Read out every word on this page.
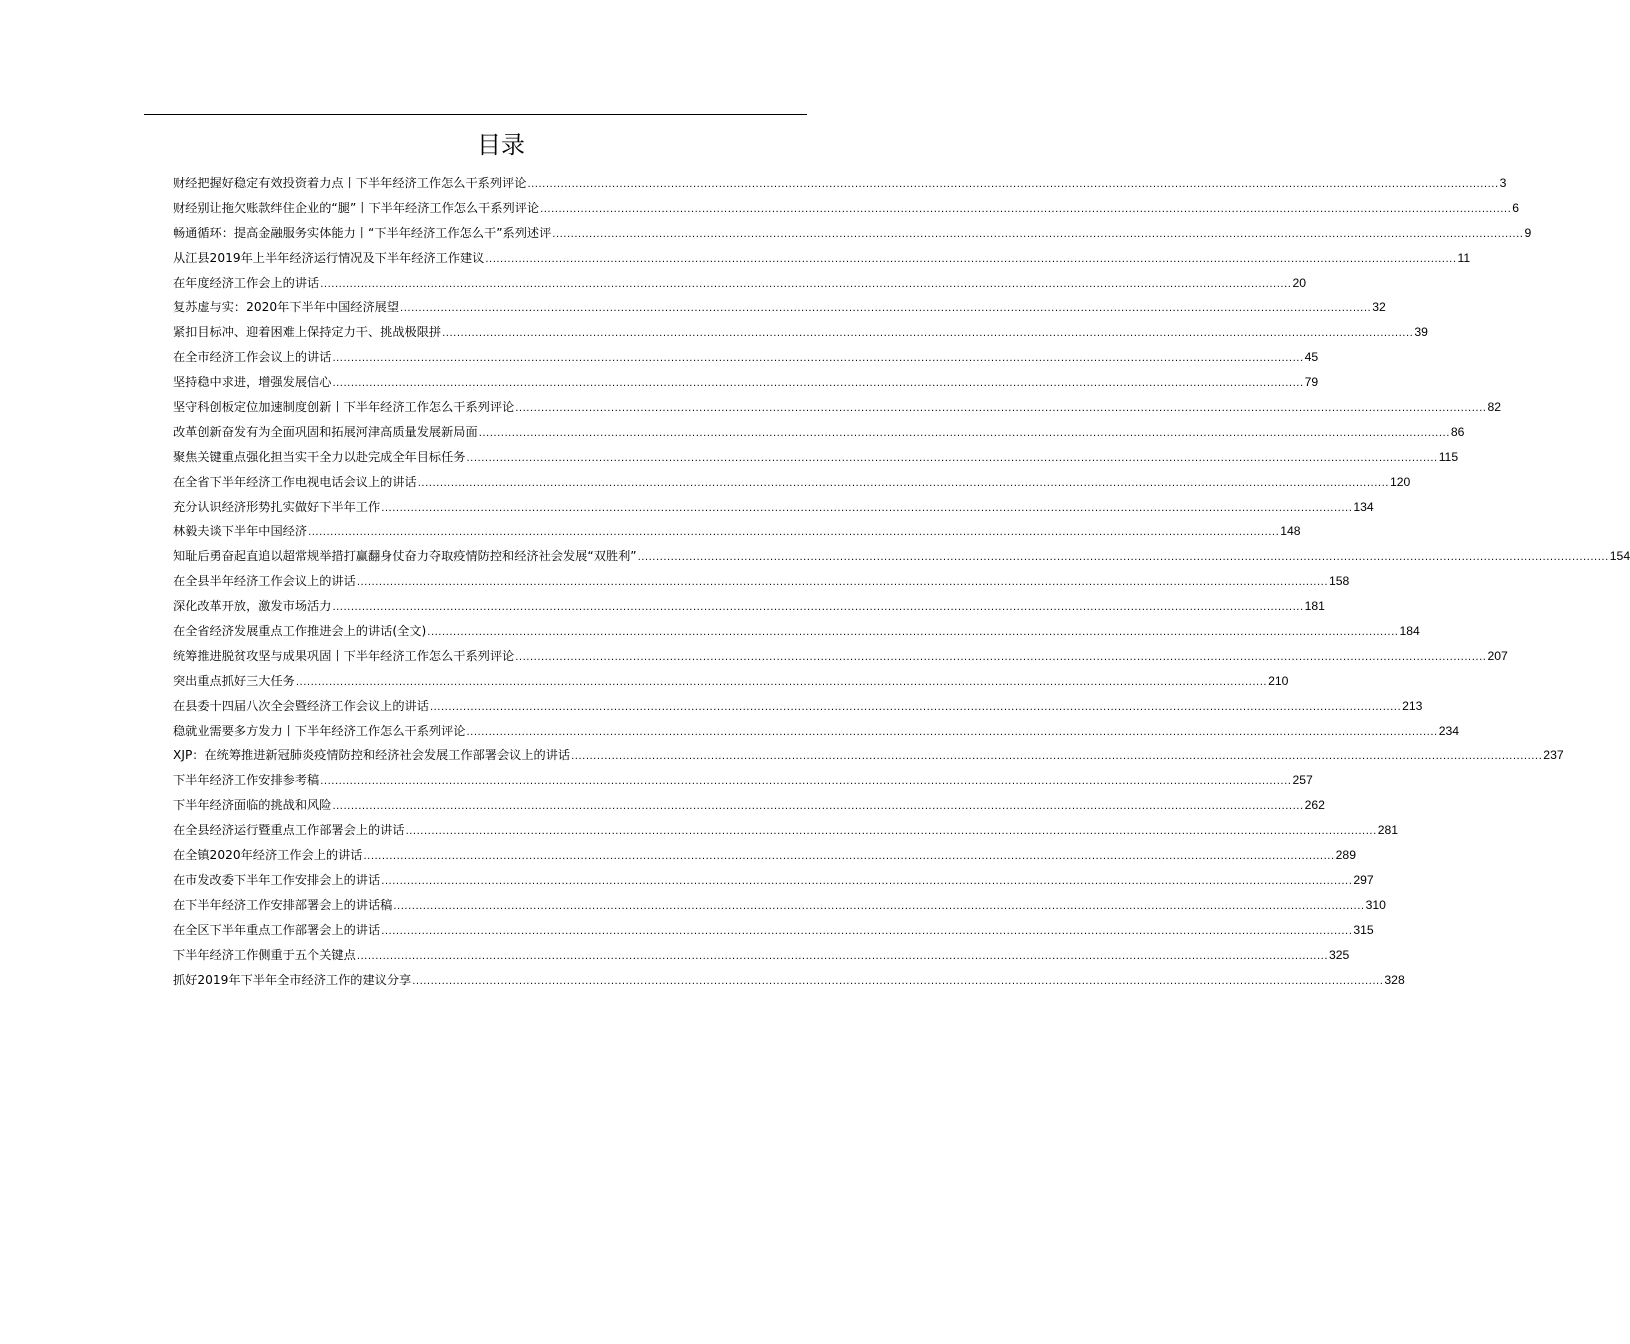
目录
财经把握好稳定有效投资着力点丨下半年经济工作怎么干系列评论 .....	3
财经别让拖欠账款绊住企业的“腿”丨下半年经济工作怎么干系列评论 .....	6
畅通循环：提高金融服务实体能力丨“下半年经济工作怎么干”系列述评 .....	9
从江县2019年上半年经济运行情况及下半年经济工作建议 .....	11
在年度经济工作会上的讲话 .....	20
复苏虚与实：2020年下半年中国经济展望 .....	32
紧扣目标冲、迎着困难上保持定力干、挑战极限拼 .....	39
在全市经济工作会议上的讲话 .....	45
坚持稳中求进，增强发展信心 .....	79
坚守科创板定位加速制度创新丨下半年经济工作怎么干系列评论 .....	82
改革创新奋发有为全面巩固和拓展河津高质量发展新局面 .....	86
聚焦关键重点强化担当实干全力以赴完成全年目标任务 .....	115
在全省下半年经济工作电视电话会议上的讲话 .....	120
充分认识经济形势扎实做好下半年工作 .....	134
林毅夫谈下半年中国经济 .....	148
知耻后勇奋起直追以超常规举措打赢翻身仗奋力夺取疫情防控和经济社会发展“双胜利” .....	154
在全县半年经济工作会议上的讲话 .....	158
深化改革开放，激发市场活力 .....	181
在全省经济发展重点工作推进会上的讲话(全文) .....	184
统筹推进脱贫攻坚与成果巩固丨下半年经济工作怎么干系列评论 .....	207
突出重点抓好三大任务 .....	210
在县委十四届八次全会暨经济工作会议上的讲话 .....	213
稳就业需要多方发力丨下半年经济工作怎么干系列评论 .....	234
XJP：在统筹推进新冠肺炎疫情防控和经济社会发展工作部署会议上的讲话 .....	237
下半年经济工作安排参考稿 .....	257
下半年经济面临的挑战和风险 .....	262
在全县经济运行暨重点工作部署会上的讲话 .....	281
在全镇2020年经济工作会上的讲话 .....	289
在市发改委下半年工作安排会上的讲话 .....	297
在下半年经济工作安排部署会上的讲话稿 .....	310
在全区下半年重点工作部署会上的讲话 .....	315
下半年经济工作侧重于五个关键点 .....	325
抓好2019年下半年全市经济工作的建议分享 .....	328
